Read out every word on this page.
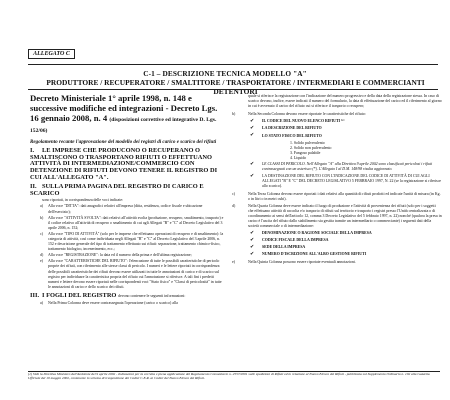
ALLEGATO C
C-1 – DESCRIZIONE TECNICA MODELLO "A"
PRODUTTORE / RECUPERATORE / SMALTITORE / TRASPORTATORE / INTERMEDIARI E COMMERCIANTI DETENTORI
Decreto Ministeriale 1° aprile 1998, n. 148 e successive modifiche ed integrazioni - Decreto Lgs. 16 gennaio 2008, n. 4 (disposizioni correttive ed integrative D. Lgs. 152/06)
Regolamento recante l'approvazione del modello dei registri di carico e scarico dei rifiuti
I. LE IMPRESE CHE PRODUCONO O RECUPERANO O SMALTISCONO O TRASPORTANO RIFIUTI O EFFETTUANO ATTIVITÀ DI INTERMEDIAZIONE/COMMERCIO CON DETENZIONE DI RIFIUTI DEVONO TENERE IL REGISTRO DI CUI ALL'ALLEGATO "A".
II. SULLA PRIMA PAGINA DEL REGISTRO DI CARICO E SCARICO
sono riportati, in corrispondenza delle voci indicate:
a) Alla voce "DITTA": dati anagrafici relativi all'impresa (ditta, residenza, codice fiscale e ubicazione dell'esercizio);
b) Alla voce "ATTIVITÀ SVOLTA": dati relativi all'attività svolta (produzione, recupero, smaltimento, trasporto) e il codice relativo all'attività di recupero o smaltimento di cui agli Allegati "B" e "C" al Decreto Legislativo del 3 aprile 2006, n. 152;
c) Alla voce "TIPO DI ATTIVITÀ" (solo per le imprese che effettuano operazioni di recupero e di smaltimento): la categoria di attività, così come individuata negli Allegati "B" e "C" al Decreto Legislativo del 3 aprile 2006, n. 152 e descrizione generale del tipo di trattamento effettuato sui rifiuti: separazione, trattamento chimico-fisico, trattamento biologico, incenerimento, ecc.;
d) Alla voce "REGISTRAZIONE": la data ed il numero della prima e dell'ultima registrazione;
e) Alla voce "CARATTERISTICHE DEL RIFIUTO": l'elencazione di tutte le possibili caratteristiche di pericolo proprie dei rifiuti, con riferimento alle stesse classi di pericolo. I numeri e le lettere riportati in corrispondenza delle possibili caratteristiche dei rifiuti devono essere utilizzati in tutte le annotazioni di carico e di scarico sul registro per individuare la caratteristica propria del rifiuto cui l'annotazione si riferisce. A tali fini i predetti numeri e lettere devono essere riportati nelle corrispondenti voci "Stato fisico" e "Classi di pericolosità" in tutte le annotazioni di carico e dello scarico dei rifiuti.
III. I FOGLI DEL REGISTRO devono contenere le seguenti informazioni:
a) Nella Prima Colonna deve essere contrassegnata l'operazione (carico o scarico) alla
quale si riferisce la registrazione con l'indicazione del numero progressivo e della data della registrazione stessa. In caso di scarico devono, inoltre, essere indicati il numero del formulario, la data di effettuazione del carico ed il riferimento al giorno in cui è avvenuto il carico del rifiuto cui si riferisce il trasporto o recupero;
b)	Nella Seconda Colonna devono essere riportate le caratteristiche del rifiuto:
✔ IL CODICE DEL NUOVO ELENCO RIFIUTI ⁽¹⁾
✔ LA DESCRIZIONE DEL RIFIUTO
✔ LO STATO FISICO DEL RIFIUTO
1. Solido pulverulento
2. Solido non pulverulento
3. Fangoso palabile
4. Liquido
✔ LE CLASSI DI PERICOLO. Nell'Allegato "A" alla Direttiva 9 aprile 2002 sono classificati pericolosi i rifiuti contrassegnati con un asterisco (*). L'Allegato I al D.M. 148/98 risulta aggiornato.
✔ LA DESTINAZIONE DEL RIFIUTO CON L'INDICAZIONE DEL CODICE DI ATTIVITÀ DI CUI AGLI ALLEGATI "B" E "C" DEL DECRETO LEGISLATIVO 5 FEBBRAIO 1997, N. 22 (se la registrazione si riferisce allo scarico).
c)	Nella Terza Colonna devono essere riportati i dati relativi alla quantità di rifiuti prodotti ed indicate l'unità di misura (in Kg. o in litri o in metri cubi).
d)	Nella Quarta Colonna deve essere indicato il luogo di produzione e l'attività di provenienza dei rifiuti (solo per i soggetti che effettuano attività di raccolta e/o trasporto di rifiuti sul territorio e trasporto i registri presso l'Unità centralizzata o di coordinamento ai sensi dell'articolo 12, comma 3 Decreto Legislativo del 5 febbraio 1997, n. 22) nonché (qualora la presa in carico è l'uscita del rifiuto dallo stabilimento sia gestita tramite un intermediario o commerciante) i seguenti dati della società commerciale o di intermediazione:
✔ DENOMINAZIONE O RAGIONE SOCIALE DELLA IMPRESA
✔ CODICE FISCALE DELLA IMPRESA
✔ SEDE DELLA IMPRESA
✔ NUMERO D'ISCRIZIONE ALL'ALBO GESTIONE RIFIUTI
e)	Nella Quinta Colonna possono essere riportate eventuali annotazioni.
(1) Vedi la Direttiva Ministero dell'Ambiente del 9 aprile 2002 - Indicazioni per la corretta e piena applicazione del Regolamento Comunitario n. 2557/2001 sulle spedizioni di Rifiuti ed in relazione al Nuovo Elenco dei Rifiuti - pubblicata sul Supplemento Ordinario n. 102 alla Gazzetta Ufficiale del 10 maggio 2002, contenente lo schema di trasposizione dei Codici C.E.R. ai Codici del Nuovo Elenco dei Rifiuti.
